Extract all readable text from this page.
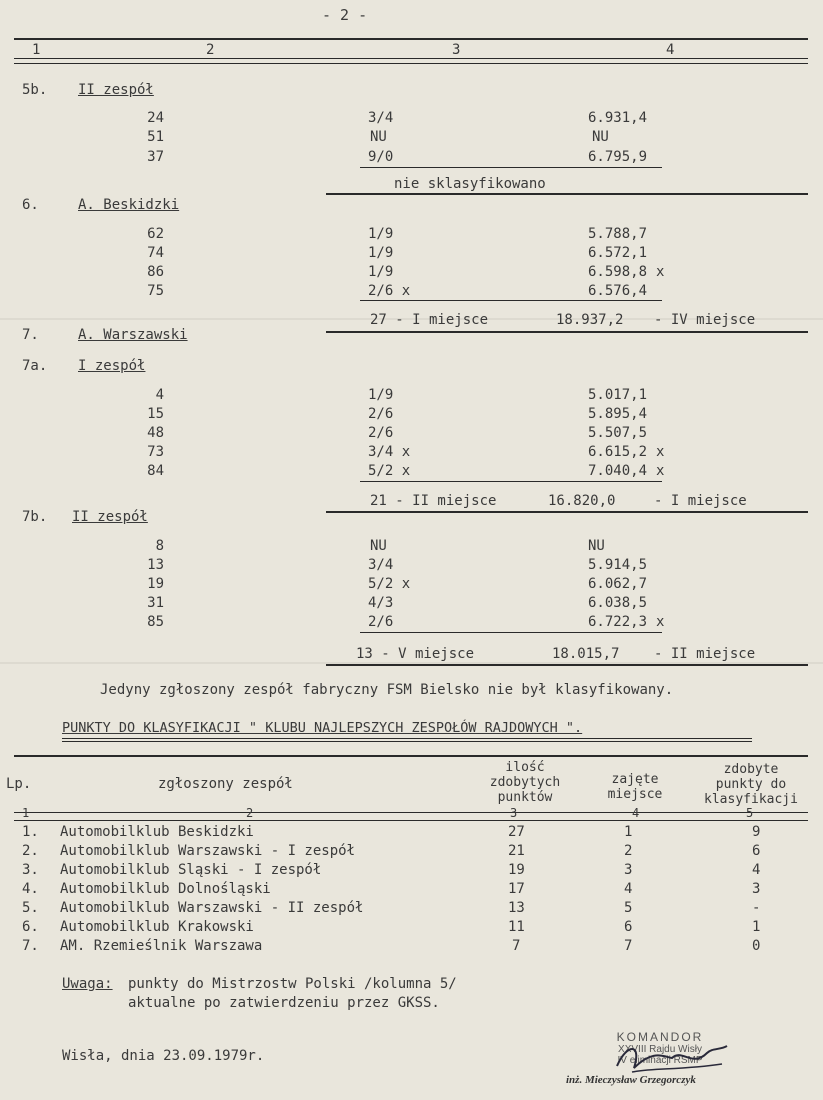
- 2 -
1	2	3	4
5b. II zespół
24	3/4	6.931,4
51	NU	NU
37	9/0	6.795,9
nie sklasyfikowano
6.	A. Beskidzki
62	1/9	5.788,7
74	1/9	6.572,1
86	1/9	6.598,8 x
75	2/6 x	6.576,4
27 - I miejsce	18.937,2 - IV miejsce
7.	A. Warszawski
7a. I zespół
4	1/9	5.017,1
15	2/6	5.895,4
48	2/6	5.507,5
73	3/4 x	6.615,2 x
84	5/2 x	7.040,4 x
21 - II miejsce	16.820,0	- I miejsce
7b. II zespół
8	NU	NU
13	3/4	5.914,5
19	5/2 x	6.062,7
31	4/3	6.038,5
85	2/6	6.722,3 x
13 - V miejsce	18.015,7 - II miejsce
Jedyny zgłoszony zespół fabryczny FSM Bielsko nie był klasyfikowany.
PUNKTY DO KLASYFIKACJI " KLUBU NAJLEPSZYCH ZESPOŁÓW RAJDOWYCH ".
Lp.	zgłoszony zespół
ilość
zdobytych
punktów
zajęte
miejsce
zdobyte
punkty do
klasyfikacji
1	2	3	4	5
1. Automobilklub Beskidzki	27	1	9
2. Automobilklub Warszawski - I zespół	21	2	6
3. Automobilklub Sląski - I zespół	19	3	4
4. Automobilklub Dolnośląski	17	4	3
5. Automobilklub Warszawski - II zespół	13	5	-
6. Automobilklub Krakowski	11	6	1
7. AM. Rzemieślnik Warszawa	7	7	0
Uwaga: punkty do Mistrzostw Polski /kolumna 5/
aktualne po zatwierdzeniu przez GKSS.
Wisła, dnia 23.09.1979r.
KOMANDOR
XXVIII Rajdu Wisły
IV eliminacji RSMP
inż. Mieczysław Grzegorczyk
